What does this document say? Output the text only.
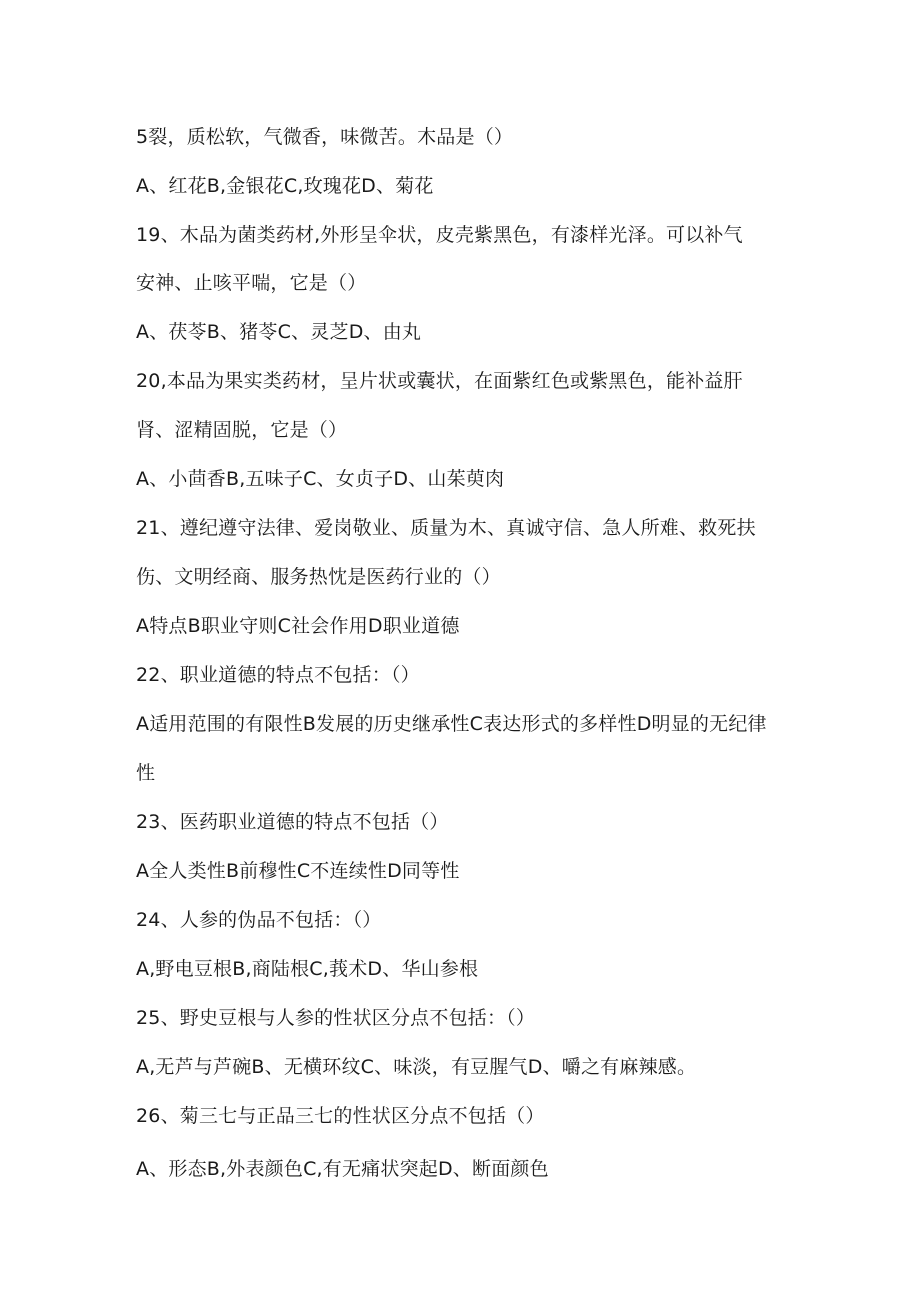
5裂，质松软，气微香，味微苦。木品是（）
A、红花B,金银花C,玫瑰花D、菊花
19、木品为菌类药材,外形呈伞状，皮壳紫黑色，有漆样光泽。可以补气
安神、止咳平喘，它是（）
A、茯苓B、猪苓C、灵芝D、由丸
20,本品为果实类药材，呈片状或囊状，在面紫红色或紫黑色，能补益肝
肾、涩精固脱，它是（）
A、小茴香B,五味子C、女贞子D、山茱萸肉
21、遵纪遵守法律、爱岗敬业、质量为木、真诚守信、急人所难、救死扶
伤、文明经商、服务热忱是医药行业的（）
A特点B职业守则C社会作用D职业道德
22、职业道德的特点不包括：（）
A适用范围的有限性B发展的历史继承性C表达形式的多样性D明显的无纪律
性
23、医药职业道德的特点不包括（）
A全人类性B前穆性C不连续性D同等性
24、人参的伪品不包括：（）
A,野电豆根B,商陆根C,莪术D、华山参根
25、野史豆根与人参的性状区分点不包括：（）
A,无芦与芦碗B、无横环纹C、味淡，有豆腥气D、嚼之有麻辣感。
26、菊三七与正品三七的性状区分点不包括（）
A、形态B,外表颜色C,有无痛状突起D、断面颜色
